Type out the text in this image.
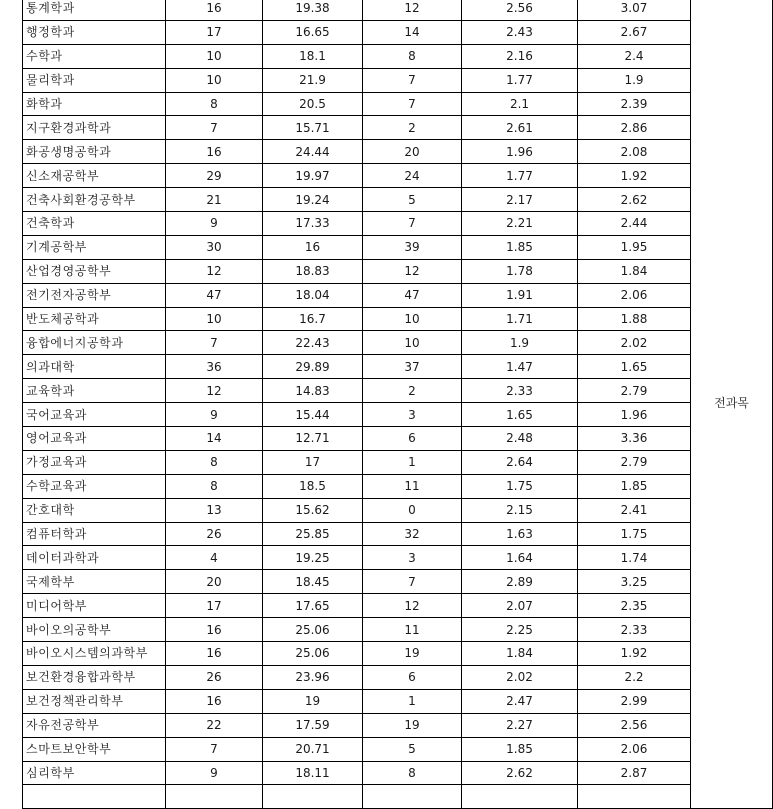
통계학과	16	19.38	12	2.56	3.07	전과목
행정학과	17	16.65	14	2.43	2.67	
수학과	10	18.1	8	2.16	2.4	
물리학과	10	21.9	7	1.77	1.9	
화학과	8	20.5	7	2.1	2.39	
지구환경과학과	7	15.71	2	2.61	2.86	
화공생명공학과	16	24.44	20	1.96	2.08	
신소재공학부	29	19.97	24	1.77	1.92	
건축사회환경공학부	21	19.24	5	2.17	2.62	
건축학과	9	17.33	7	2.21	2.44	
기계공학부	30	16	39	1.85	1.95	
산업경영공학부	12	18.83	12	1.78	1.84	
전기전자공학부	47	18.04	47	1.91	2.06	
반도체공학과	10	16.7	10	1.71	1.88	
융합에너지공학과	7	22.43	10	1.9	2.02	
의과대학	36	29.89	37	1.47	1.65	
교육학과	12	14.83	2	2.33	2.79	
국어교육과	9	15.44	3	1.65	1.96	
영어교육과	14	12.71	6	2.48	3.36	
가정교육과	8	17	1	2.64	2.79	
수학교육과	8	18.5	11	1.75	1.85	
간호대학	13	15.62	0	2.15	2.41	
컴퓨터학과	26	25.85	32	1.63	1.75	
데이터과학과	4	19.25	3	1.64	1.74	
국제학부	20	18.45	7	2.89	3.25	
미디어학부	17	17.65	12	2.07	2.35	
바이오의공학부	16	25.06	11	2.25	2.33	
바이오시스템의과학부	16	25.06	19	1.84	1.92	
보건환경융합과학부	26	23.96	6	2.02	2.2	
보건정책관리학부	16	19	1	2.47	2.99	
자유전공학부	22	17.59	19	2.27	2.56	
스마트보안학부	7	20.71	5	1.85	2.06	
심리학부	9	18.11	8	2.62	2.87	
